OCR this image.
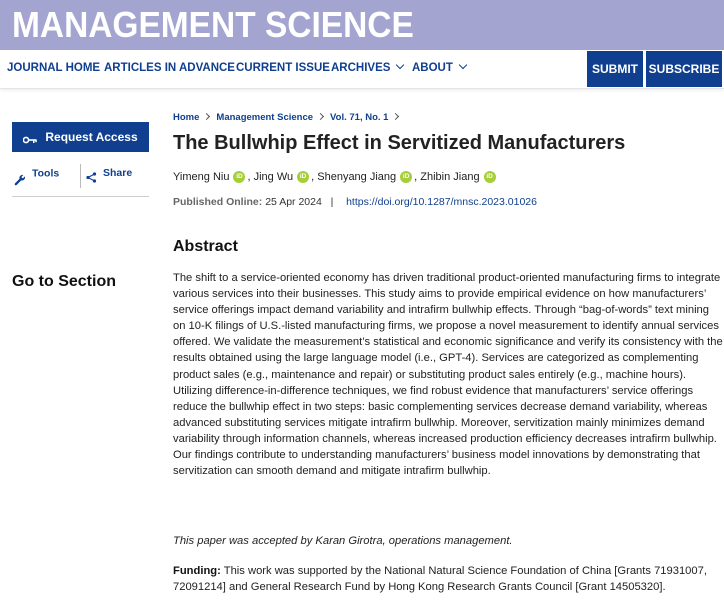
MANAGEMENT SCIENCE
JOURNAL HOME ARTICLES IN ADVANCE CURRENT ISSUE ARCHIVES	ABOUT	SUBMIT SUBSCRIBE
Request Access
Tools	Share
Go to Section
Home Management Science Vol. 71, No. 1
The Bullwhip Effect in Servitized Manufacturers
Yimeng Niu	iD , Jing Wu	iD , Shenyang Jiang	iD , Zhibin Jiang	iD
Published Online: 25 Apr 2024 | https://doi.org/10.1287/mnsc.2023.01026
Abstract

The shift to a service-oriented economy has driven traditional product-oriented manufacturing firms to integrate various services into their businesses. This study aims to provide empirical evidence on how manufacturers’ service offerings impact demand variability and intrafirm bullwhip effects. Through “bag-of-words” text mining on 10-K filings of U.S.-listed manufacturing firms, we propose a novel measurement to identify annual services offered. We validate the measurement’s statistical and economic significance and verify its consistency with the results obtained using the large language model (i.e., GPT-4). Services are categorized as complementing product sales (e.g., maintenance and repair) or substituting product sales entirely (e.g., machine hours). Utilizing difference-in-difference techniques, we find robust evidence that manufacturers’ service offerings reduce the bullwhip effect in two steps: basic complementing services decrease demand variability, whereas advanced substituting services mitigate intrafirm bullwhip. Moreover, servitization mainly minimizes demand variability through information channels, whereas increased production efficiency decreases intrafirm bullwhip. Our findings contribute to understanding manufacturers’ business model innovations by demonstrating that servitization can smooth demand and mitigate intrafirm bullwhip.

This paper was accepted by Karan Girotra, operations management.

Funding: This work was supported by the National Natural Science Foundation of China [Grants 71931007, 72091214] and General Research Fund by Hong Kong Research Grants Council [Grant 14505320].
